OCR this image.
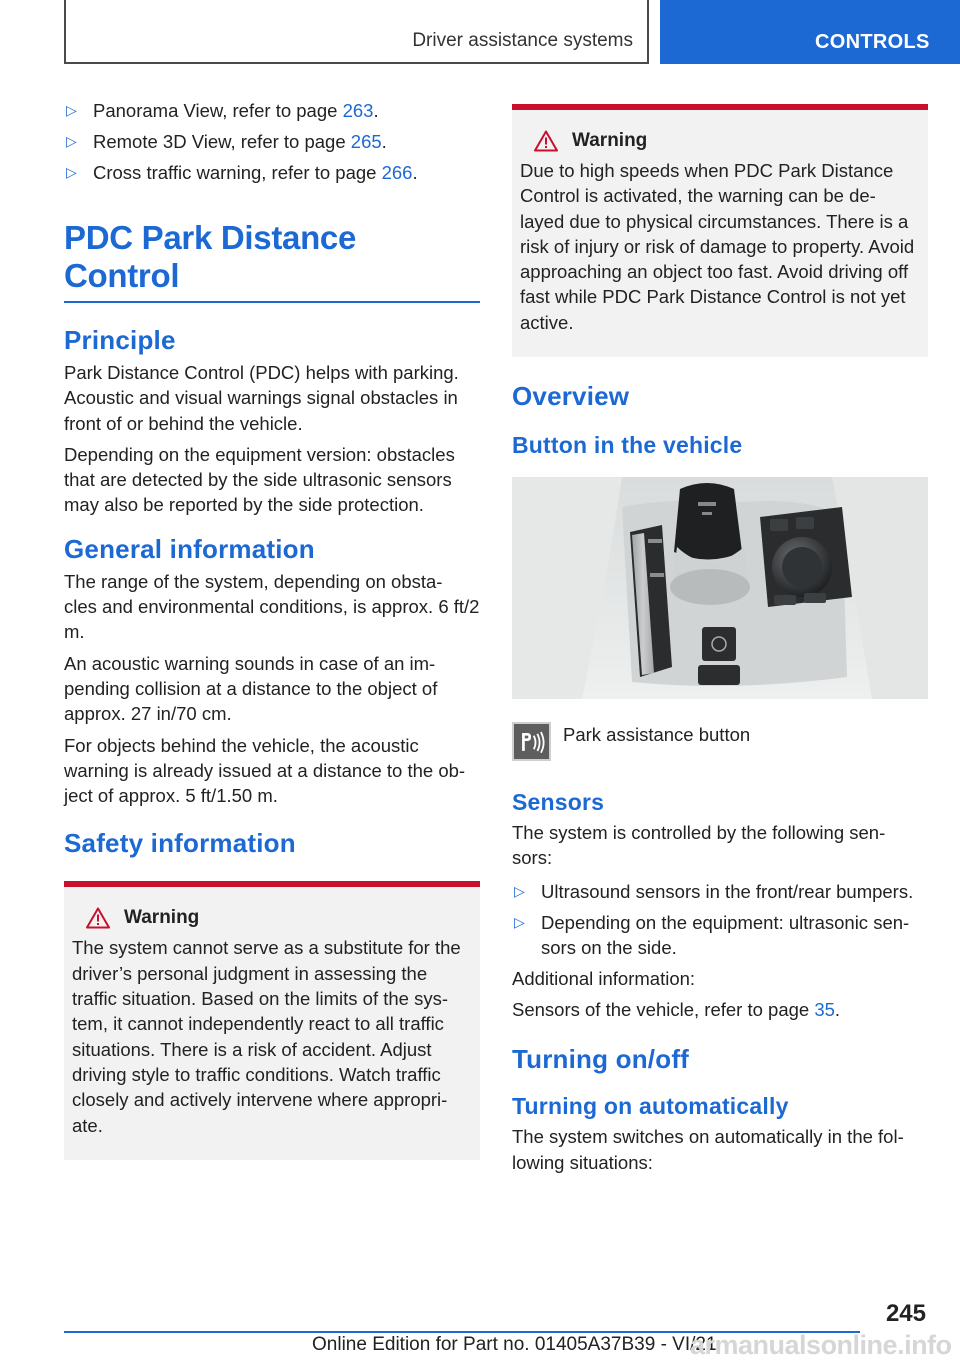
Driver assistance systems	CONTROLS
▷ Panorama View, refer to page 263.
▷ Remote 3D View, refer to page 265.
▷ Cross traffic warning, refer to page 266.
PDC Park Distance Control
Principle

Park Distance Control (PDC) helps with parking. Acoustic and visual warnings signal obstacles in front of or behind the vehicle.

Depending on the equipment version: obstacles that are detected by the side ultrasonic sensors may also be reported by the side protection.

General information

The range of the system, depending on obsta‐ cles and environmental conditions, is approx. 6 ft/2 m.

An acoustic warning sounds in case of an im‐ pending collision at a distance to the object of approx. 27 in/70 cm.

For objects behind the vehicle, the acoustic warning is already issued at a distance to the ob‐ ject of approx. 5 ft/1.50 m.

Safety information
Warning

The system cannot serve as a substitute for the driver’s personal judgment in assessing the traffic situation. Based on the limits of the sys‐ tem, it cannot independently react to all traffic situations. There is a risk of accident. Adjust driving style to traffic conditions. Watch traffic closely and actively intervene where appropri‐ ate.

Warning

Due to high speeds when PDC Park Distance Control is activated, the warning can be de‐ layed due to physical circumstances. There is a risk of injury or risk of damage to property. Avoid approaching an object too fast. Avoid driving off fast while PDC Park Distance Control is not yet active.

Overview
Button in the vehicle
Park assistance button
Sensors

The system is controlled by the following sen‐ sors:

▷ Ultrasound sensors in the front/rear bumpers.
▷ Depending on the equipment: ultrasonic sen‐ sors on the side.

Additional information:

Sensors of the vehicle, refer to page 35.

Turning on/off
Turning on automatically

The system switches on automatically in the fol‐ lowing situations:

245
Online Edition for Part no. 01405A37B39 - VI/21
armanualsonline.info
